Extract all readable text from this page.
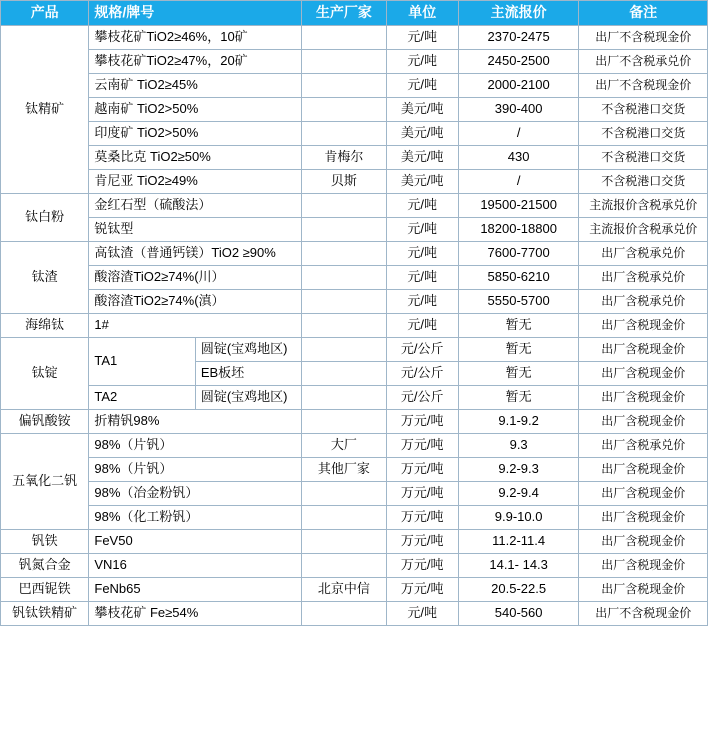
产品	规格/牌号		生产厂家	单位	主流报价	备注
钛精矿	攀枝花矿TiO2≥46%，10矿			元/吨	2370-2475	出厂不含税现金价
	攀枝花矿TiO2≥47%，20矿			元/吨	2450-2500	出厂不含税承兑价
	云南矿 TiO2≥45%			元/吨	2000-2100	出厂不含税现金价
	越南矿 TiO2>50%			美元/吨	390-400	不含税港口交货
	印度矿 TiO2>50%			美元/吨	/	不含税港口交货
	莫桑比克 TiO2≥50%		肯梅尔	美元/吨	430	不含税港口交货
	肯尼亚 TiO2≥49%		贝斯	美元/吨	/	不含税港口交货
钛白粉	金红石型（硫酸法）			元/吨	19500-21500	主流报价含税承兑价
	锐钛型			元/吨	18200-18800	主流报价含税承兑价
钛渣	高钛渣（普通钙镁）TiO2 ≥90%			元/吨	7600-7700	出厂含税承兑价
	酸溶渣TiO2≥74%(川）			元/吨	5850-6210	出厂含税承兑价
	酸溶渣TiO2≥74%(滇）			元/吨	5550-5700	出厂含税承兑价
海绵钛	1#			元/吨	暂无	出厂含税现金价
钛锭	TA1	圆锭(宝鸡地区)		元/公斤	暂无	出厂含税现金价
		EB板坯		元/公斤	暂无	出厂含税现金价
	TA2	圆锭(宝鸡地区)		元/公斤	暂无	出厂含税现金价
偏钒酸铵	折精钒98%			万元/吨	9.1-9.2	出厂含税现金价
五氧化二钒	98%（片钒）		大厂	万元/吨	9.3	出厂含税承兑价
	98%（片钒）		其他厂家	万元/吨	9.2-9.3	出厂含税现金价
	98%（冶金粉钒）			万元/吨	9.2-9.4	出厂含税现金价
	98%（化工粉钒）			万元/吨	9.9-10.0	出厂含税现金价
钒铁	FeV50			万元/吨	11.2-11.4	出厂含税现金价
钒氮合金	VN16			万元/吨	14.1- 14.3	出厂含税现金价
巴西铌铁	FeNb65		北京中信	万元/吨	20.5-22.5	出厂含税现金价
钒钛铁精矿	攀枝花矿 Fe≥54%			元/吨	540-560	出厂不含税现金价
